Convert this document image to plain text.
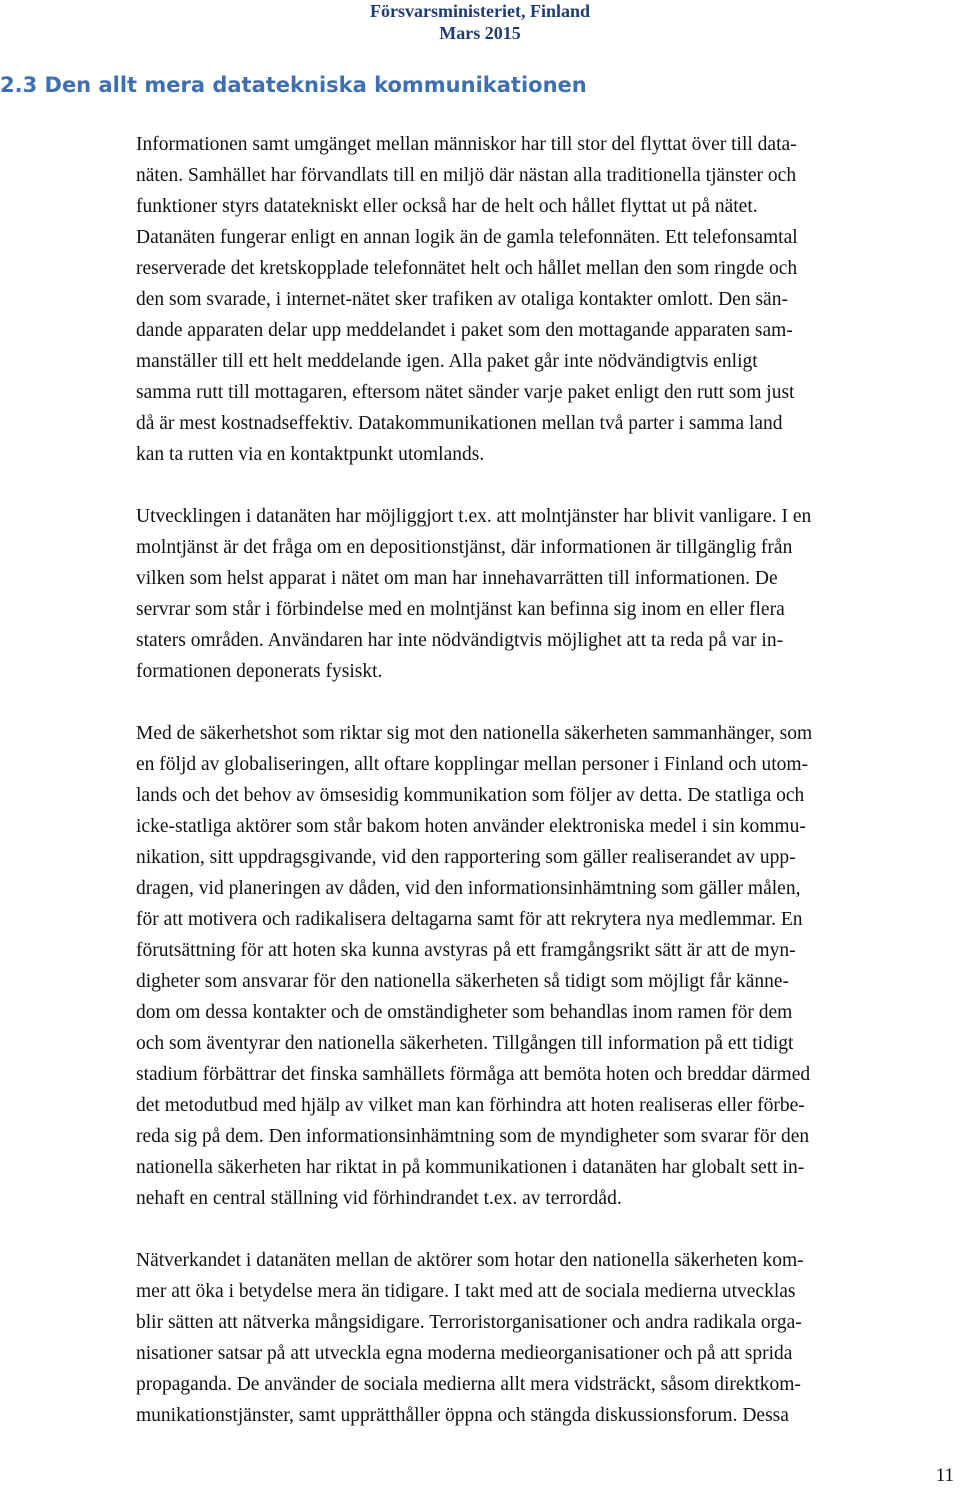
Försvarsministeriet, Finland
Mars 2015
2.3 Den allt mera datatekniska kommunikationen

Informationen samt umgänget mellan människor har till stor del flyttat över till data-
näten. Samhället har förvandlats till en miljö där nästan alla traditionella tjänster och
funktioner styrs datatekniskt eller också har de helt och hållet flyttat ut på nätet.
Datanäten fungerar enligt en annan logik än de gamla telefonnäten. Ett telefonsamtal
reserverade det kretskopplade telefonnätet helt och hållet mellan den som ringde och
den som svarade, i internet-nätet sker trafiken av otaliga kontakter omlott. Den sän-
dande apparaten delar upp meddelandet i paket som den mottagande apparaten sam-
manställer till ett helt meddelande igen. Alla paket går inte nödvändigtvis enligt
samma rutt till mottagaren, eftersom nätet sänder varje paket enligt den rutt som just
då är mest kostnadseffektiv. Datakommunikationen mellan två parter i samma land
kan ta rutten via en kontaktpunkt utomlands.

Utvecklingen i datanäten har möjliggjort t.ex. att molntjänster har blivit vanligare. I en
molntjänst är det fråga om en depositionstjänst, där informationen är tillgänglig från
vilken som helst apparat i nätet om man har innehavarrätten till informationen. De
servrar som står i förbindelse med en molntjänst kan befinna sig inom en eller flera
staters områden. Användaren har inte nödvändigtvis möjlighet att ta reda på var in-
formationen deponerats fysiskt.

Med de säkerhetshot som riktar sig mot den nationella säkerheten sammanhänger, som
en följd av globaliseringen, allt oftare kopplingar mellan personer i Finland och utom-
lands och det behov av ömsesidig kommunikation som följer av detta. De statliga och
icke-statliga aktörer som står bakom hoten använder elektroniska medel i sin kommu-
nikation, sitt uppdragsgivande, vid den rapportering som gäller realiserandet av upp-
dragen, vid planeringen av dåden, vid den informationsinhämtning som gäller målen,
för att motivera och radikalisera deltagarna samt för att rekrytera nya medlemmar. En
förutsättning för att hoten ska kunna avstyras på ett framgångsrikt sätt är att de myn-
digheter som ansvarar för den nationella säkerheten så tidigt som möjligt får känne-
dom om dessa kontakter och de omständigheter som behandlas inom ramen för dem
och som äventyrar den nationella säkerheten. Tillgången till information på ett tidigt
stadium förbättrar det finska samhällets förmåga att bemöta hoten och breddar därmed
det metodutbud med hjälp av vilket man kan förhindra att hoten realiseras eller förbe-
reda sig på dem. Den informationsinhämtning som de myndigheter som svarar för den
nationella säkerheten har riktat in på kommunikationen i datanäten har globalt sett in-
nehaft en central ställning vid förhindrandet t.ex. av terrordåd.

Nätverkandet i datanäten mellan de aktörer som hotar den nationella säkerheten kom-
mer att öka i betydelse mera än tidigare. I takt med att de sociala medierna utvecklas
blir sätten att nätverka mångsidigare. Terroristorganisationer och andra radikala orga-
nisationer satsar på att utveckla egna moderna medieorganisationer och på att sprida
propaganda. De använder de sociala medierna allt mera vidsträckt, såsom direktkom-
munikationstjänster, samt upprätthåller öppna och stängda diskussionsforum. Dessa

11
